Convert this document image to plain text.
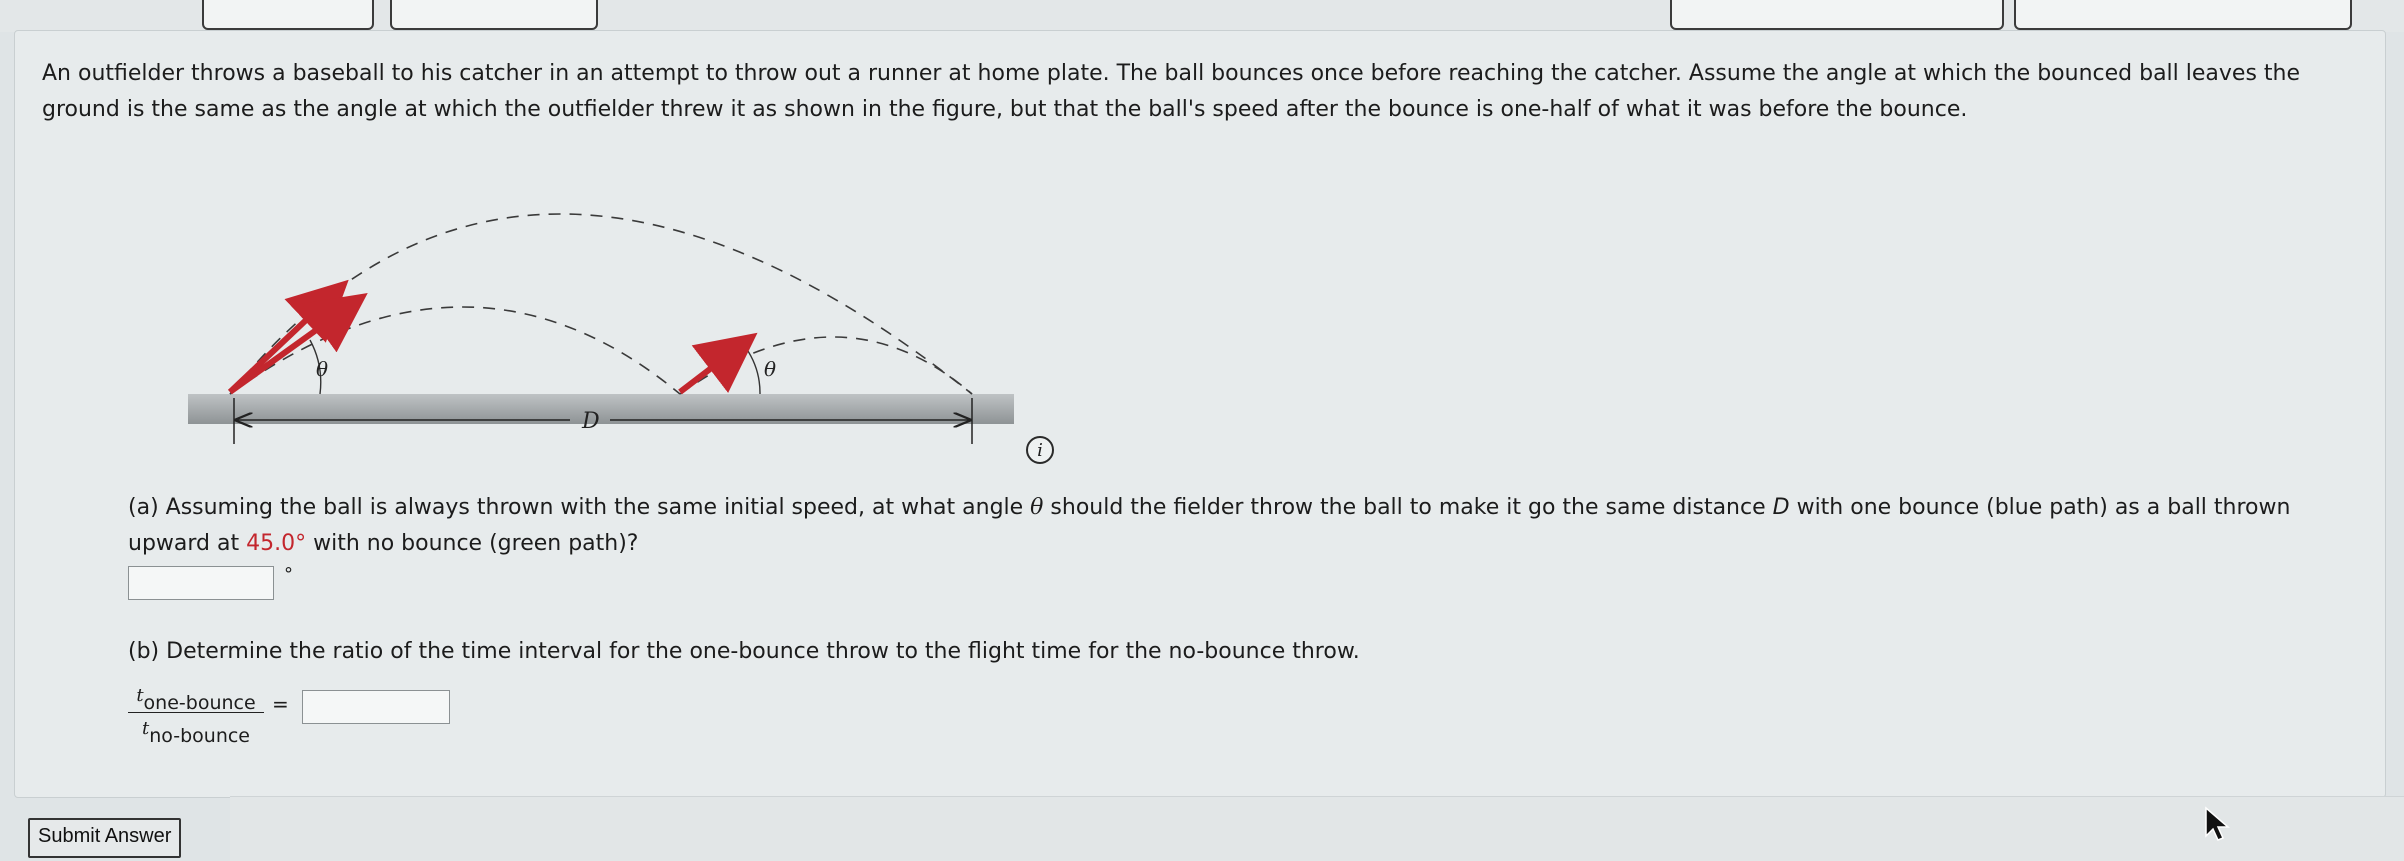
An outfielder throws a baseball to his catcher in an attempt to throw out a runner at home plate. The ball bounces once before reaching the catcher. Assume the angle at which the bounced ball leaves the ground is the same as the angle at which the outfielder threw it as shown in the figure, but that the ball's speed after the bounce is one-half of what it was before the bounce.
θ	θ
D
i
(a) Assuming the ball is always thrown with the same initial speed, at what angle θ should the fielder throw the ball to make it go the same distance D with one bounce (blue path) as a ball thrown upward at 45.0° with no bounce (green path)?
°
(b) Determine the ratio of the time interval for the one-bounce throw to the flight time for the no-bounce throw.
tone-bounce
tno-bounce
=
Submit Answer
